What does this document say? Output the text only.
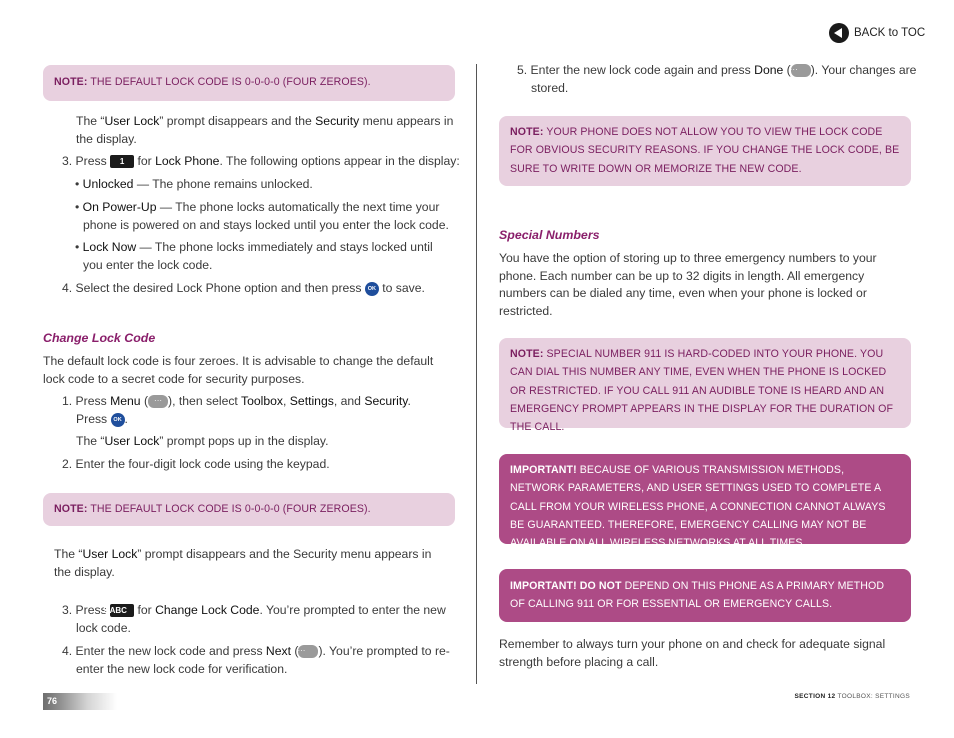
BACK to TOC
NOTE: THE DEFAULT LOCK CODE IS 0-0-0-0 (FOUR ZEROES).

The “User Lock” prompt disappears and the Security menu appears in the display.

3. Press 1 for Lock Phone. The following options appear in the display:

• Unlocked — The phone remains unlocked.

• On Power-Up — The phone locks automatically the next time your phone is powered on and stays locked until you enter the lock code.

• Lock Now — The phone locks immediately and stays locked until you enter the lock code.

4. Select the desired Lock Phone option and then press OK to save.

Change Lock Code

The default lock code is four zeroes. It is advisable to change the default lock code to a secret code for security purposes.

1. Press Menu ( ··· ), then select Toolbox, Settings, and Security.

Press OK .

The “User Lock” prompt pops up in the display.

2. Enter the four-digit lock code using the keypad.

NOTE: THE DEFAULT LOCK CODE IS 0-0-0-0 (FOUR ZEROES).

The “User Lock” prompt disappears and the Security menu appears in the display.

3. Press 2 ABC for Change Lock Code. You’re prompted to enter the new lock code.

4. Enter the new lock code and press Next (··· ). You’re prompted to re-enter the new lock code for verification.

5. Enter the new lock code again and press Done (··· ). Your changes are stored.

NOTE: YOUR PHONE DOES NOT ALLOW YOU TO VIEW THE LOCK CODE FOR OBVIOUS SECURITY REASONS. IF YOU CHANGE THE LOCK CODE, BE SURE TO WRITE DOWN OR MEMORIZE THE NEW CODE.

Special Numbers

You have the option of storing up to three emergency numbers to your phone. Each number can be up to 32 digits in length. All emergency numbers can be dialed any time, even when your phone is locked or restricted.

NOTE: SPECIAL NUMBER 911 IS HARD-CODED INTO YOUR PHONE. YOU CAN DIAL THIS NUMBER ANY TIME, EVEN WHEN THE PHONE IS LOCKED OR RESTRICTED. IF YOU CALL 911 AN AUDIBLE TONE IS HEARD AND AN EMERGENCY PROMPT APPEARS IN THE DISPLAY FOR THE DURATION OF THE CALL.
IMPORTANT! BECAUSE OF VARIOUS TRANSMISSION METHODS, NETWORK PARAMETERS, AND USER SETTINGS USED TO COMPLETE A CALL FROM YOUR WIRELESS PHONE, A CONNECTION CANNOT ALWAYS BE GUARANTEED. THEREFORE, EMERGENCY CALLING MAY NOT BE AVAILABLE ON ALL WIRELESS NETWORKS AT ALL TIMES.
IMPORTANT! DO NOT DEPEND ON THIS PHONE AS A PRIMARY METHOD OF CALLING 911 OR FOR ESSENTIAL OR EMERGENCY CALLS.

Remember to always turn your phone on and check for adequate signal strength before placing a call.

76	SECTION 12 TOOLBOX: SETTINGS
